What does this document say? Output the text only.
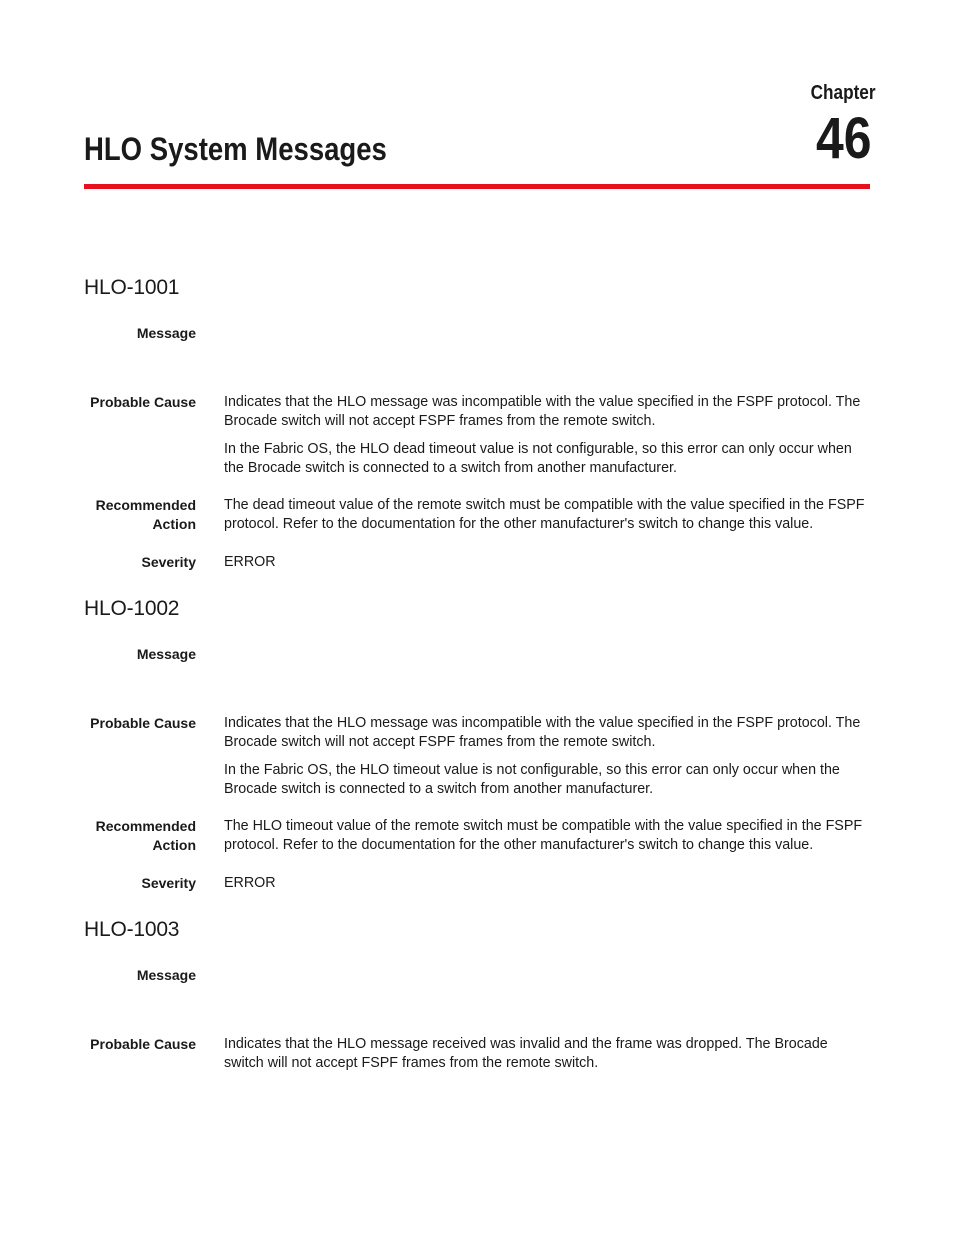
Chapter
46
HLO System Messages
HLO-1001
Message
Probable Cause Indicates that the HLO message was incompatible with the value specified in the FSPF protocol. The Brocade switch will not accept FSPF frames from the remote switch.

In the Fabric OS, the HLO dead timeout value is not configurable, so this error can only occur when the Brocade switch is connected to a switch from another manufacturer.

Recommended
Action
The dead timeout value of the remote switch must be compatible with the value specified in the FSPF protocol. Refer to the documentation for the other manufacturer's switch to change this value.
Severity ERROR
HLO-1002
Message
Probable Cause Indicates that the HLO message was incompatible with the value specified in the FSPF protocol. The Brocade switch will not accept FSPF frames from the remote switch.

In the Fabric OS, the HLO timeout value is not configurable, so this error can only occur when the Brocade switch is connected to a switch from another manufacturer.

Recommended
Action
The HLO timeout value of the remote switch must be compatible with the value specified in the FSPF protocol. Refer to the documentation for the other manufacturer's switch to change this value.
Severity ERROR
HLO-1003
Message
Probable Cause Indicates that the HLO message received was invalid and the frame was dropped. The Brocade switch will not accept FSPF frames from the remote switch.
